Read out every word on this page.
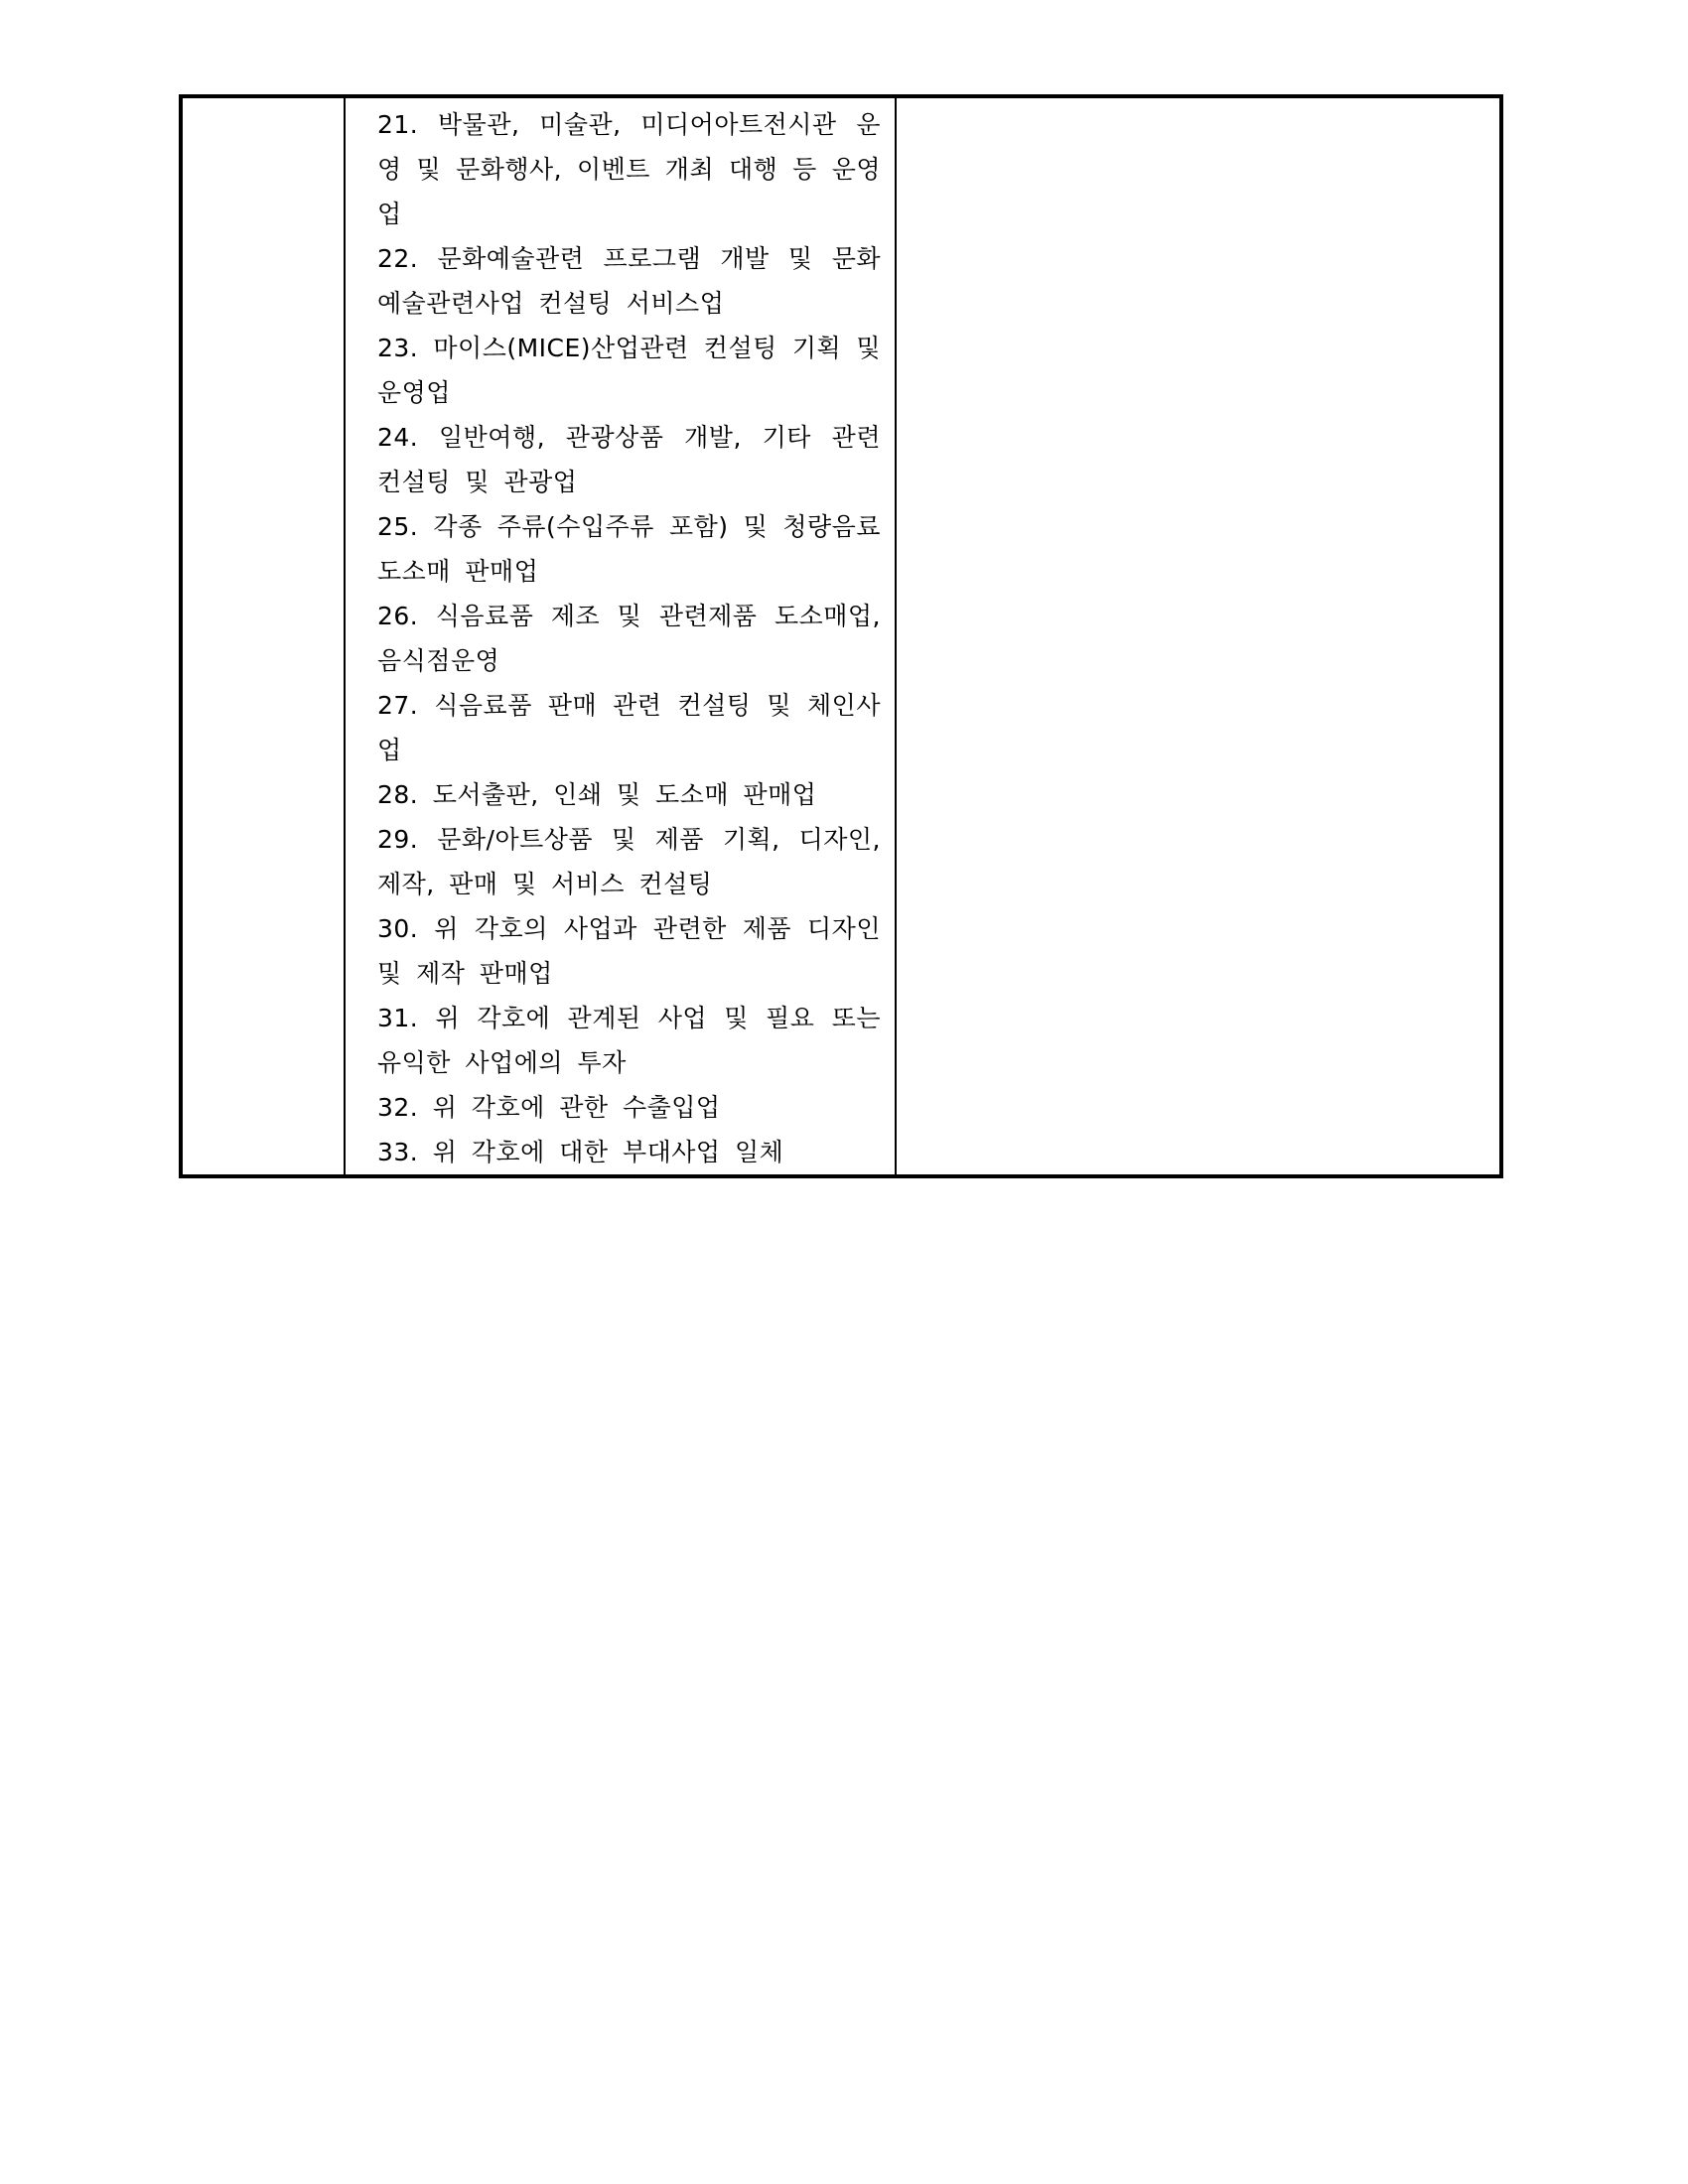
21. 박물관, 미술관, 미디어아트전시관 운영 및 문화행사, 이벤트 개최 대행 등 운영업
22. 문화예술관련 프로그램 개발 및 문화예술관련사업 컨설팅 서비스업
23. 마이스(MICE)산업관련 컨설팅 기획 및 운영업
24. 일반여행, 관광상품 개발, 기타 관련 컨설팅 및 관광업
25. 각종 주류(수입주류 포함) 및 청량음료 도소매 판매업
26. 식음료품 제조 및 관련제품 도소매업, 음식점운영
27. 식음료품 판매 관련 컨설팅 및 체인사업
28. 도서출판, 인쇄 및 도소매 판매업
29. 문화/아트상품 및 제품 기획, 디자인, 제작, 판매 및 서비스 컨설팅
30. 위 각호의 사업과 관련한 제품 디자인 및 제작 판매업
31. 위 각호에 관계된 사업 및 필요 또는 유익한 사업에의 투자
32. 위 각호에 관한 수출입업
33. 위 각호에 대한 부대사업 일체
